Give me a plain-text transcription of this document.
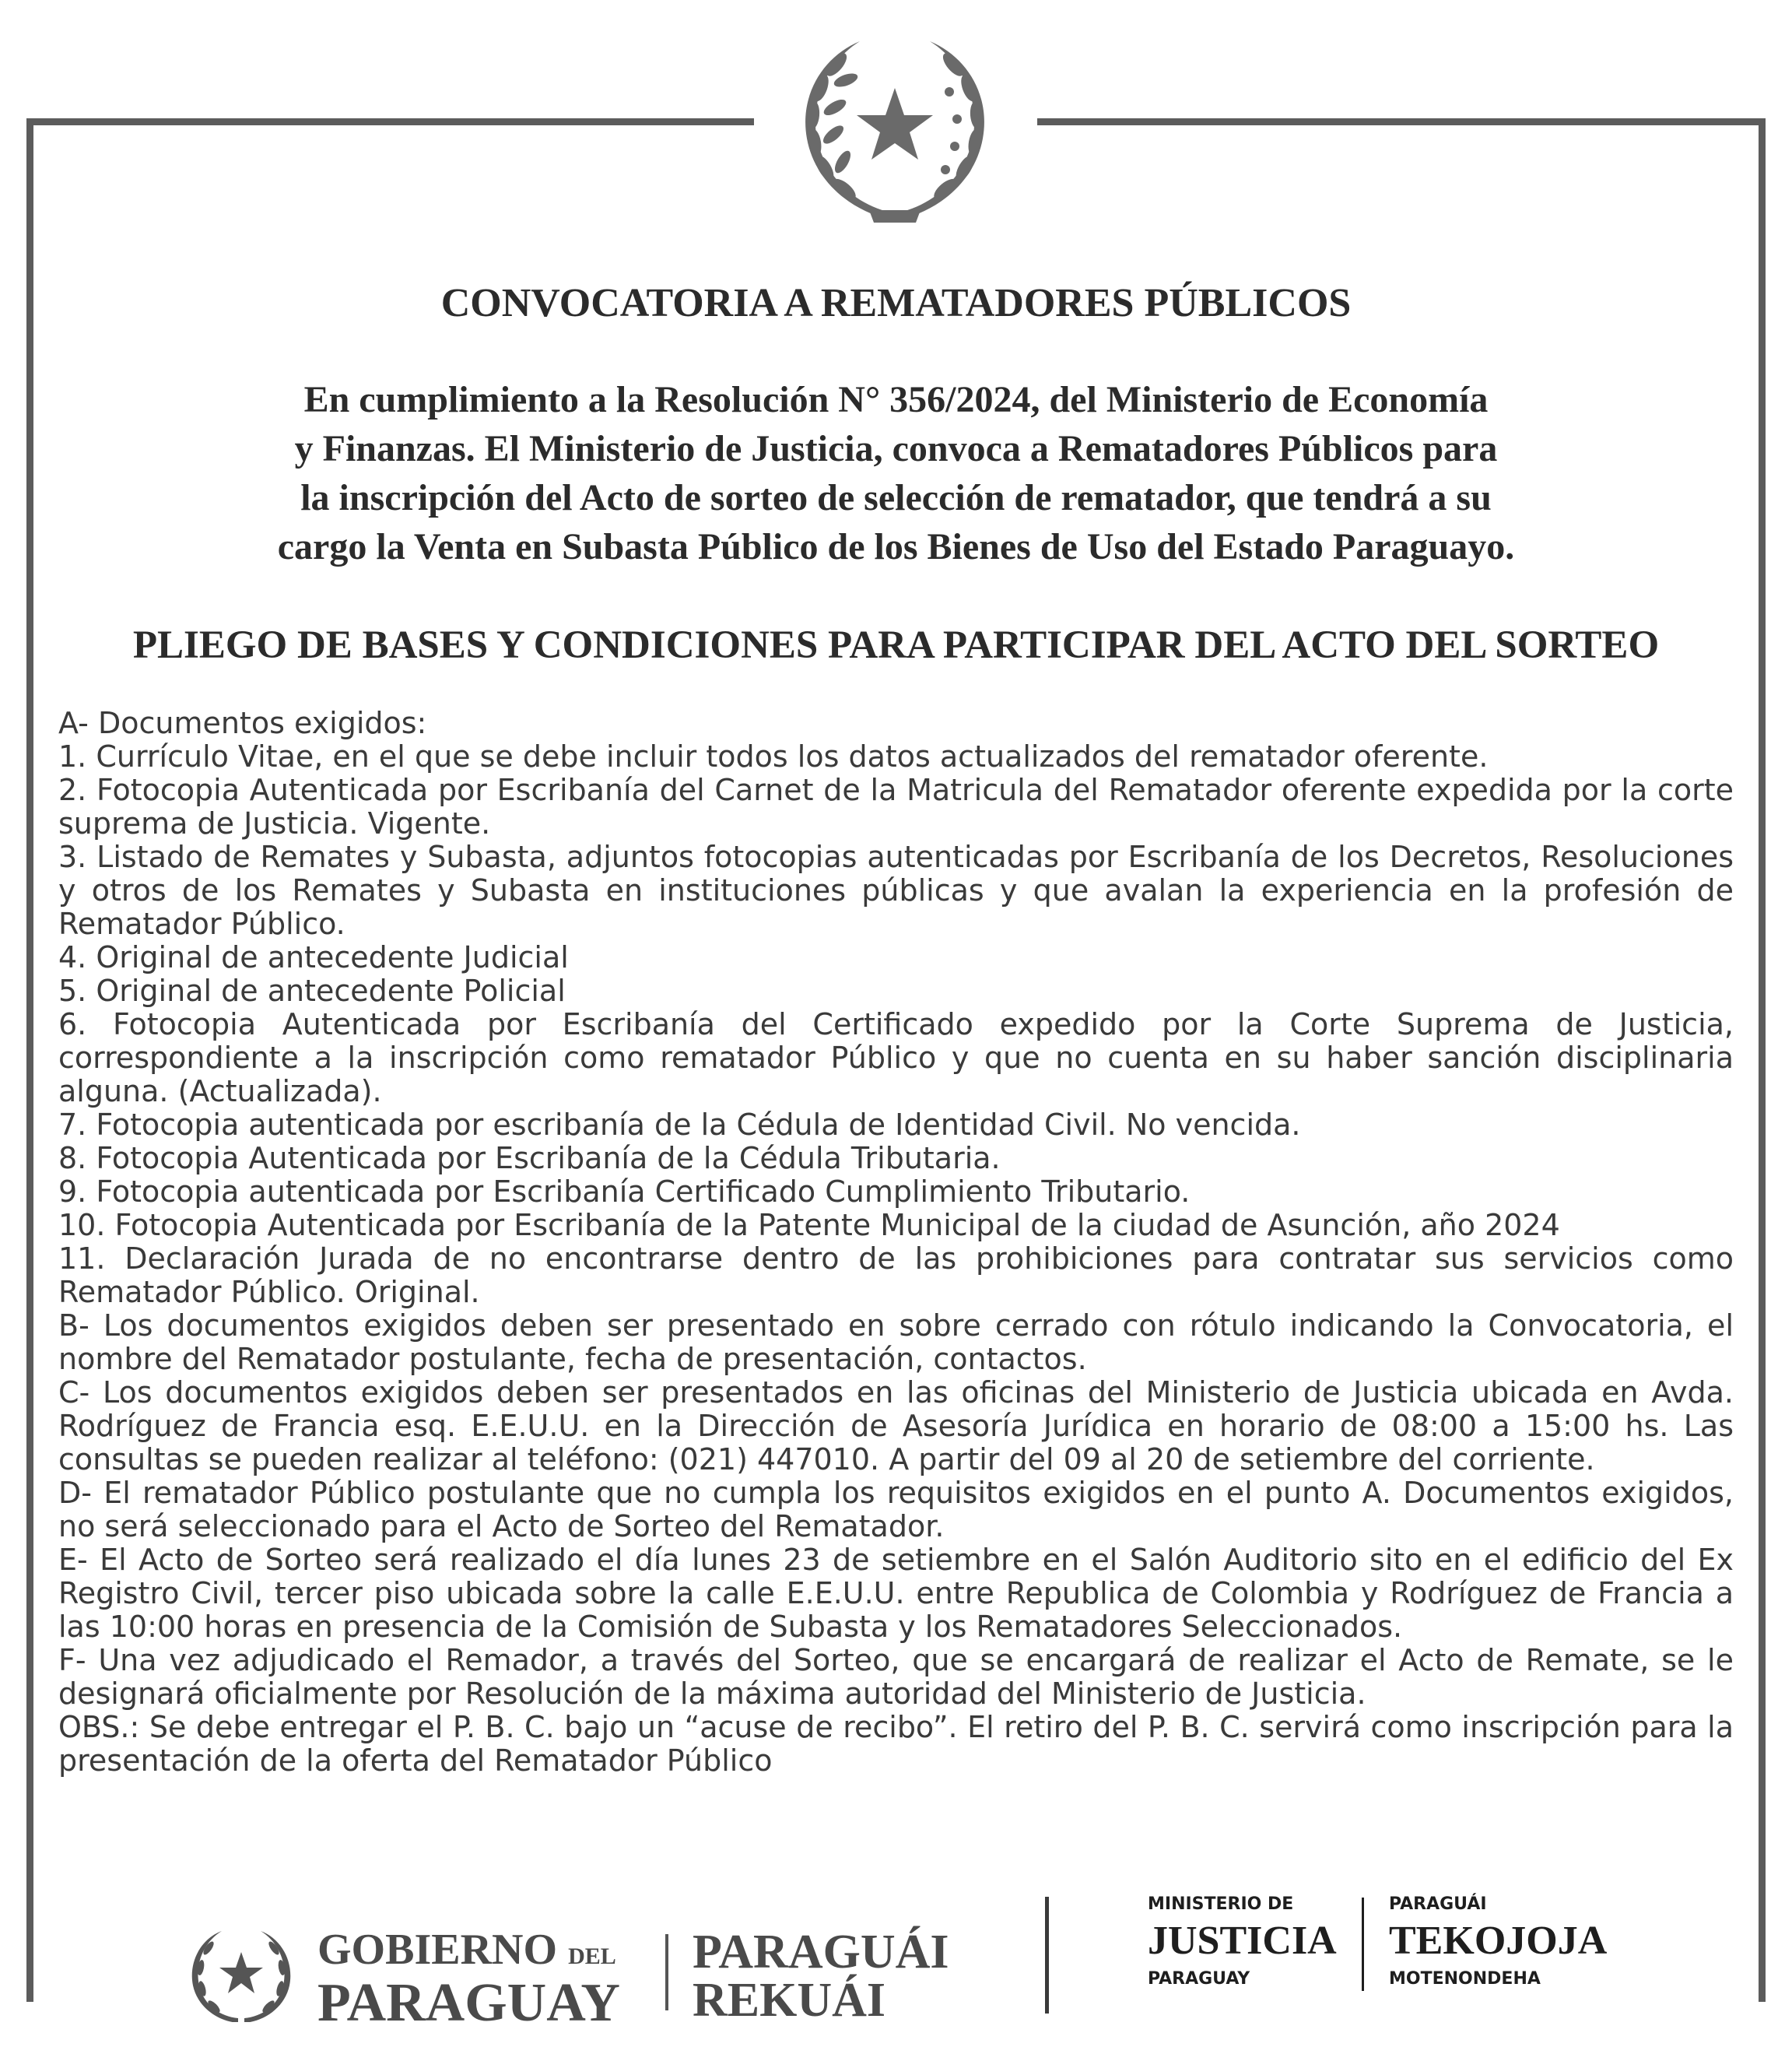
CONVOCATORIA A REMATADORES PÚBLICOS
En cumplimiento a la Resolución N° 356/2024, del Ministerio de Economía
y Finanzas. El Ministerio de Justicia, convoca a Rematadores Públicos para
la inscripción del Acto de sorteo de selección de rematador, que tendrá a su
cargo la Venta en Subasta Público de los Bienes de Uso del Estado Paraguayo.
PLIEGO DE BASES Y CONDICIONES PARA PARTICIPAR DEL ACTO DEL SORTEO

A- Documentos exigidos:

1. Currículo Vitae, en el que se debe incluir todos los datos actualizados del rematador oferente.

2. Fotocopia Autenticada por Escribanía del Carnet de la Matricula del Rematador oferente expedida por la corte suprema de Justicia. Vigente.

3. Listado de Remates y Subasta, adjuntos fotocopias autenticadas por Escribanía de los Decretos, Resoluciones y otros de los Remates y Subasta en instituciones públicas y que avalan la experiencia en la profesión de Rematador Público.

4. Original de antecedente Judicial

5. Original de antecedente Policial

6. Fotocopia Autenticada por Escribanía del Certificado expedido por la Corte Suprema de Justicia, correspondiente a la inscripción como rematador Público y que no cuenta en su haber sanción disciplinaria alguna. (Actualizada).

7. Fotocopia autenticada por escribanía de la Cédula de Identidad Civil. No vencida.

8. Fotocopia Autenticada por Escribanía de la Cédula Tributaria.

9. Fotocopia autenticada por Escribanía Certificado Cumplimiento Tributario.

10. Fotocopia Autenticada por Escribanía de la Patente Municipal de la ciudad de Asunción, año 2024

11. Declaración Jurada de no encontrarse dentro de las prohibiciones para contratar sus servicios como Rematador Público. Original.

B- Los documentos exigidos deben ser presentado en sobre cerrado con rótulo indicando la Convocatoria, el nombre del Rematador postulante, fecha de presentación, contactos.

C- Los documentos exigidos deben ser presentados en las oficinas del Ministerio de Justicia ubicada en Avda. Rodríguez de Francia esq. E.E.U.U. en la Dirección de Asesoría Jurídica en horario de 08:00 a 15:00 hs. Las consultas se pueden realizar al teléfono: (021) 447010. A partir del 09 al 20 de setiembre del corriente.

D- El rematador Público postulante que no cumpla los requisitos exigidos en el punto A. Documentos exigidos, no será seleccionado para el Acto de Sorteo del Rematador.

E- El Acto de Sorteo será realizado el día lunes 23 de setiembre en el Salón Auditorio sito en el edificio del Ex Registro Civil, tercer piso ubicada sobre la calle E.E.U.U. entre Republica de Colombia y Rodríguez de Francia a las 10:00 horas en presencia de la Comisión de Subasta y los Rematadores Seleccionados.

F- Una vez adjudicado el Remador, a través del Sorteo, que se encargará de realizar el Acto de Remate, se le designará oficialmente por Resolución de la máxima autoridad del Ministerio de Justicia.

OBS.: Se debe entregar el P. B. C. bajo un “acuse de recibo”. El retiro del P. B. C. servirá como inscripción para la presentación de la oferta del Rematador Público

GOBIERNO DEL
PARAGUAY
PARAGUÁI
REKUÁI
MINISTERIO DE
JUSTICIA
PARAGUAY
PARAGUÁI
TEKOJOJA
MOTENONDEHA
